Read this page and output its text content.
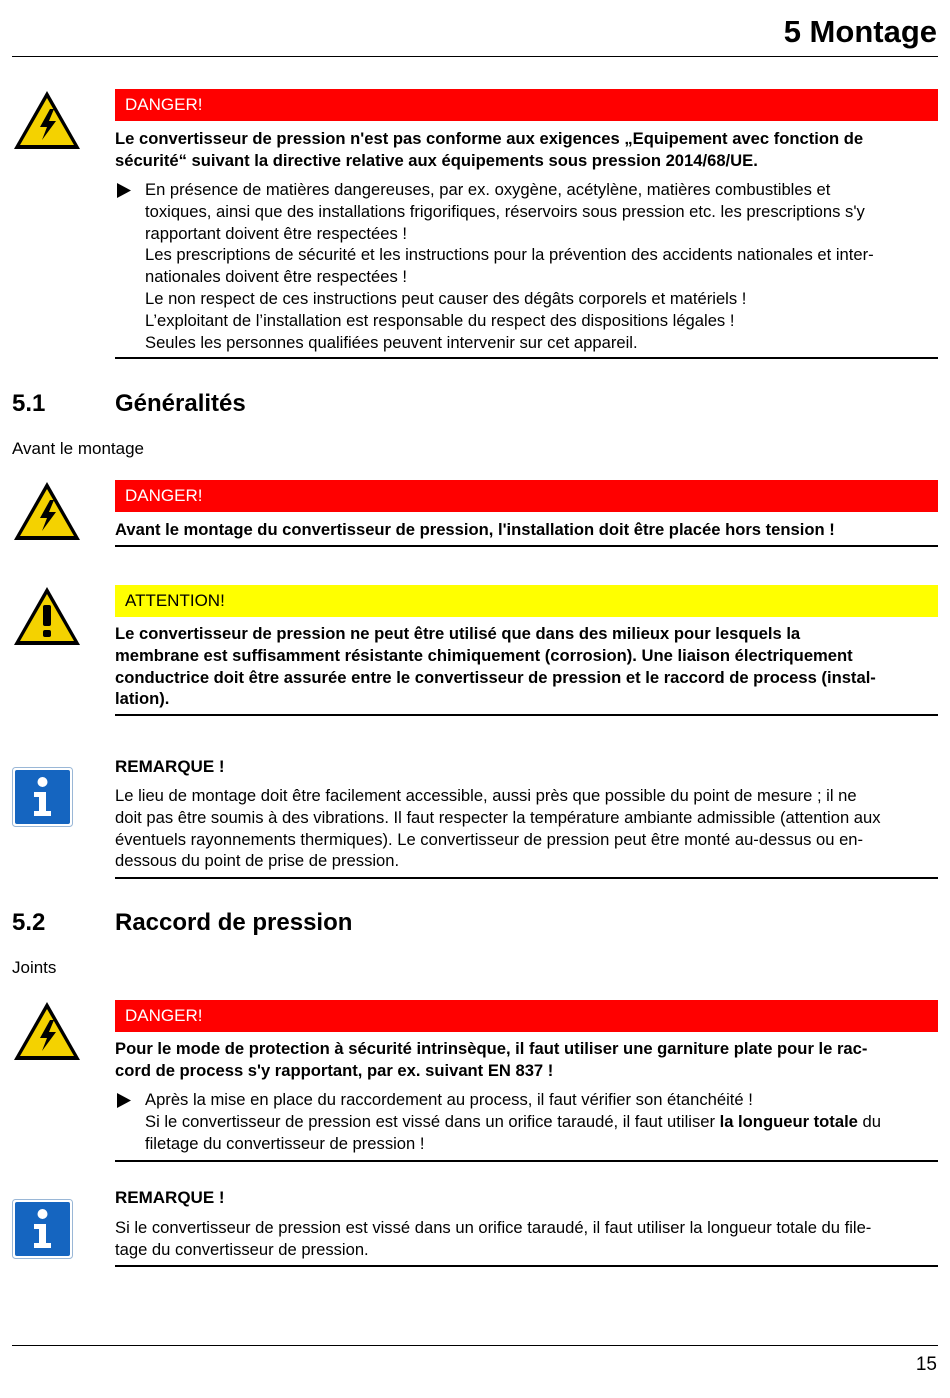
5 Montage
DANGER!
Le convertisseur de pression n'est pas conforme aux exigences „Equipement avec fonction de
sécurité“ suivant la directive relative aux équipements sous pression 2014/68/UE.
En présence de matières dangereuses, par ex. oxygène, acétylène, matières combustibles et
toxiques, ainsi que des installations frigorifiques, réservoirs sous pression etc. les prescriptions s'y
rapportant doivent être respectées !
Les prescriptions de sécurité et les instructions pour la prévention des accidents nationales et inter-
nationales doivent être respectées !
Le non respect de ces instructions peut causer des dégâts corporels et matériels !
L’exploitant de l’installation est responsable du respect des dispositions légales !
Seules les personnes qualifiées peuvent intervenir sur cet appareil.
5.1	Généralités
Avant le montage
DANGER!
Avant le montage du convertisseur de pression, l'installation doit être placée hors tension !
ATTENTION!
Le convertisseur de pression ne peut être utilisé que dans des milieux pour lesquels la
membrane est suffisamment résistante chimiquement (corrosion). Une liaison électriquement
conductrice doit être assurée entre le convertisseur de pression et le raccord de process (instal-
lation).
REMARQUE !
Le lieu de montage doit être facilement accessible, aussi près que possible du point de mesure ; il ne
doit pas être soumis à des vibrations. Il faut respecter la température ambiante admissible (attention aux
éventuels rayonnements thermiques). Le convertisseur de pression peut être monté au-dessus ou en-
dessous du point de prise de pression.
5.2	Raccord de pression
Joints
DANGER!
Pour le mode de protection à sécurité intrinsèque, il faut utiliser une garniture plate pour le rac-
cord de process s'y rapportant, par ex. suivant EN 837 !
Après la mise en place du raccordement au process, il faut vérifier son étanchéité !
Si le convertisseur de pression est vissé dans un orifice taraudé, il faut utiliser la longueur totale du
filetage du convertisseur de pression !
REMARQUE !
Si le convertisseur de pression est vissé dans un orifice taraudé, il faut utiliser la longueur totale du file-
tage du convertisseur de pression.
15
